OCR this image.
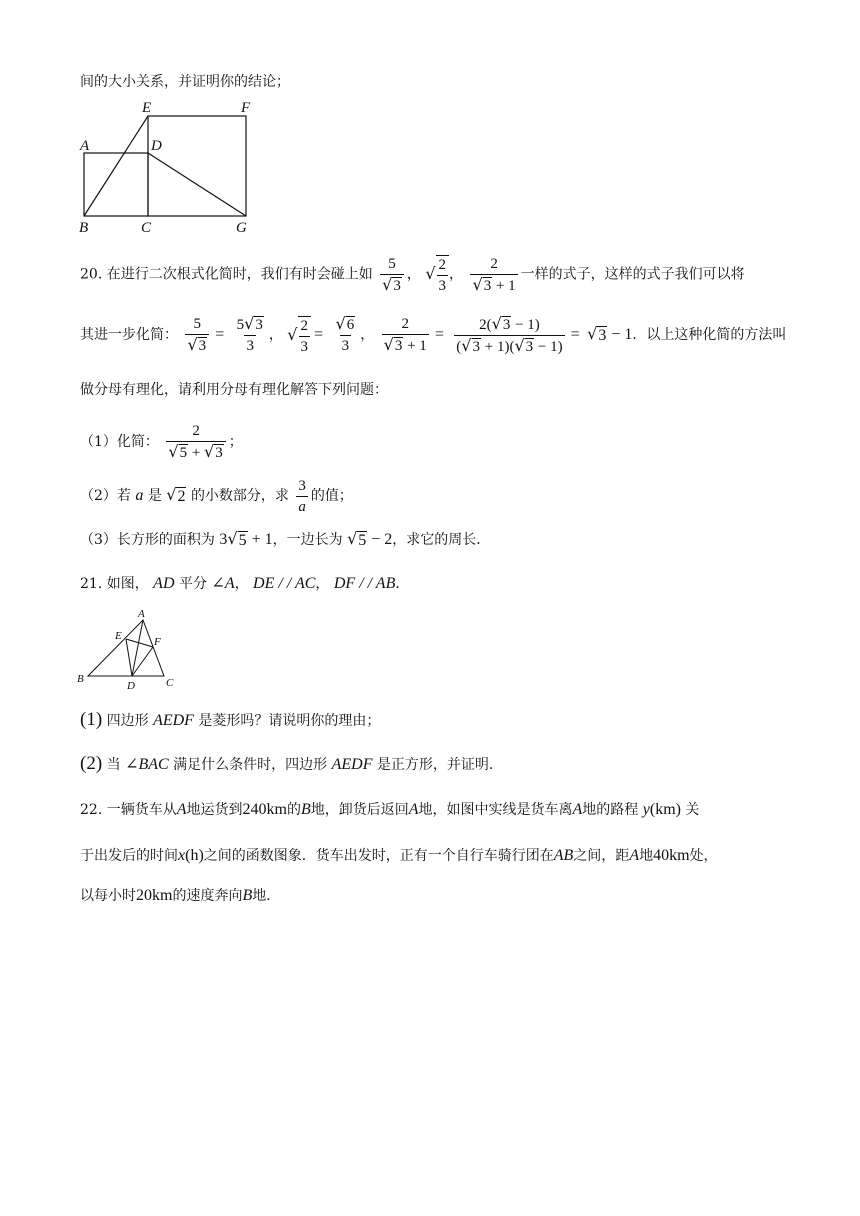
间的大小关系，并证明你的结论；
A
B	C
D
E	F
G
20. 在进行二次根式化简时，我们有时会碰上如 $\frac{5}{√ 3}$ ， √ $\frac{2}{3}$ ， $\frac{2}{√ 3 + 1}$ 一样的式子，这样的式子我们可以将
其进一步化简： $\frac{5}{√ 3} = \frac{5 √ 3}{3}$ ， √ $\frac{2}{3} = \frac{√ 6}{3}$ ， $\frac{2}{√ 3 + 1} = \frac{2( √ 3 - 1)}{( √ 3 + 1)( √ 3 - 1)}$ = √ 3 − 1．以上这种化简的方法叫
做分母有理化，请利用分母有理化解答下列问题：
（1）化简： $\frac{2}{√ 5 + √ 3}$ ；
（2）若 a 是 √ 2 的小数部分，求 $\frac{3}{a}$ 的值；
（3）长方形的面积为 3 √ 5 + 1，一边长为 √ 5 − 2，求它的周长．
21. 如图， AD 平分 ∠A， DE / / AC， DF / / AB．
A
B	C
D
E	F
(1) 四边形 AEDF 是菱形吗？请说明你的理由；
(2) 当 ∠BAC 满足什么条件时，四边形 AEDF 是正方形，并证明．
22. 一辆货车从A地运货到240km的B地，卸货后返回A地，如图中实线是货车离A地的路程 y(km) 关
于出发后的时间x(h)之间的函数图象．货车出发时，正有一个自行车骑行团在AB之间，距A地40km处，
以每小时20km的速度奔向B地．
